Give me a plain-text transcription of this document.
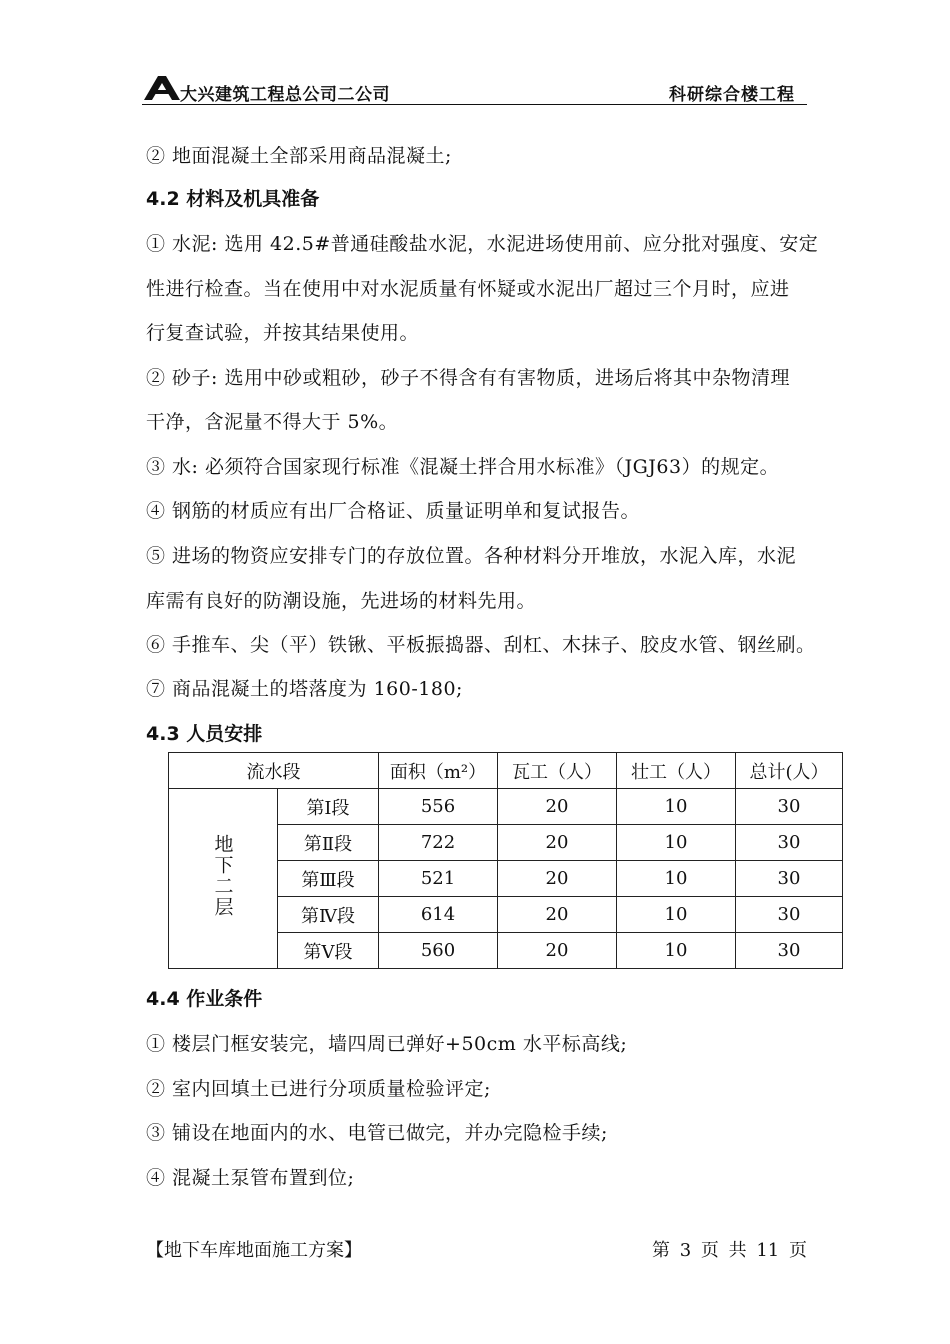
大兴建筑工程总公司二公司	科研综合楼工程
② 地面混凝土全部采用商品混凝土;
4.2 材料及机具准备
① 水泥: 选用 42.5#普通硅酸盐水泥，水泥进场使用前、应分批对强度、安定
性进行检查。当在使用中对水泥质量有怀疑或水泥出厂超过三个月时，应进
行复查试验，并按其结果使用。
② 砂子: 选用中砂或粗砂，砂子不得含有有害物质，进场后将其中杂物清理
干净，含泥量不得大于 5%。
③ 水: 必须符合国家现行标准《混凝土拌合用水标准》（JGJ63）的规定。
④ 钢筋的材质应有出厂合格证、质量证明单和复试报告。
⑤ 进场的物资应安排专门的存放位置。各种材料分开堆放，水泥入库，水泥
库需有良好的防潮设施，先进场的材料先用。
⑥ 手推车、尖（平）铁锹、平板振捣器、刮杠、木抹子、胶皮水管、钢丝刷。
⑦ 商品混凝土的塔落度为 160-180;
4.3 人员安排
流水段		面积（m²）	瓦工（人）	壮工（人）	总计(人）
地下二层	第Ⅰ段	556	20	10	30
	第Ⅱ段	722	20	10	30
	第Ⅲ段	521	20	10	30
	第Ⅳ段	614	20	10	30
	第Ⅴ段	560	20	10	30
4.4 作业条件
① 楼层门框安装完，墙四周已弹好+50cm 水平标高线;
② 室内回填土已进行分项质量检验评定;
③ 铺设在地面内的水、电管已做完，并办完隐检手续;
④ 混凝土泵管布置到位;
【地下车库地面施工方案】	第 3 页 共 11 页
